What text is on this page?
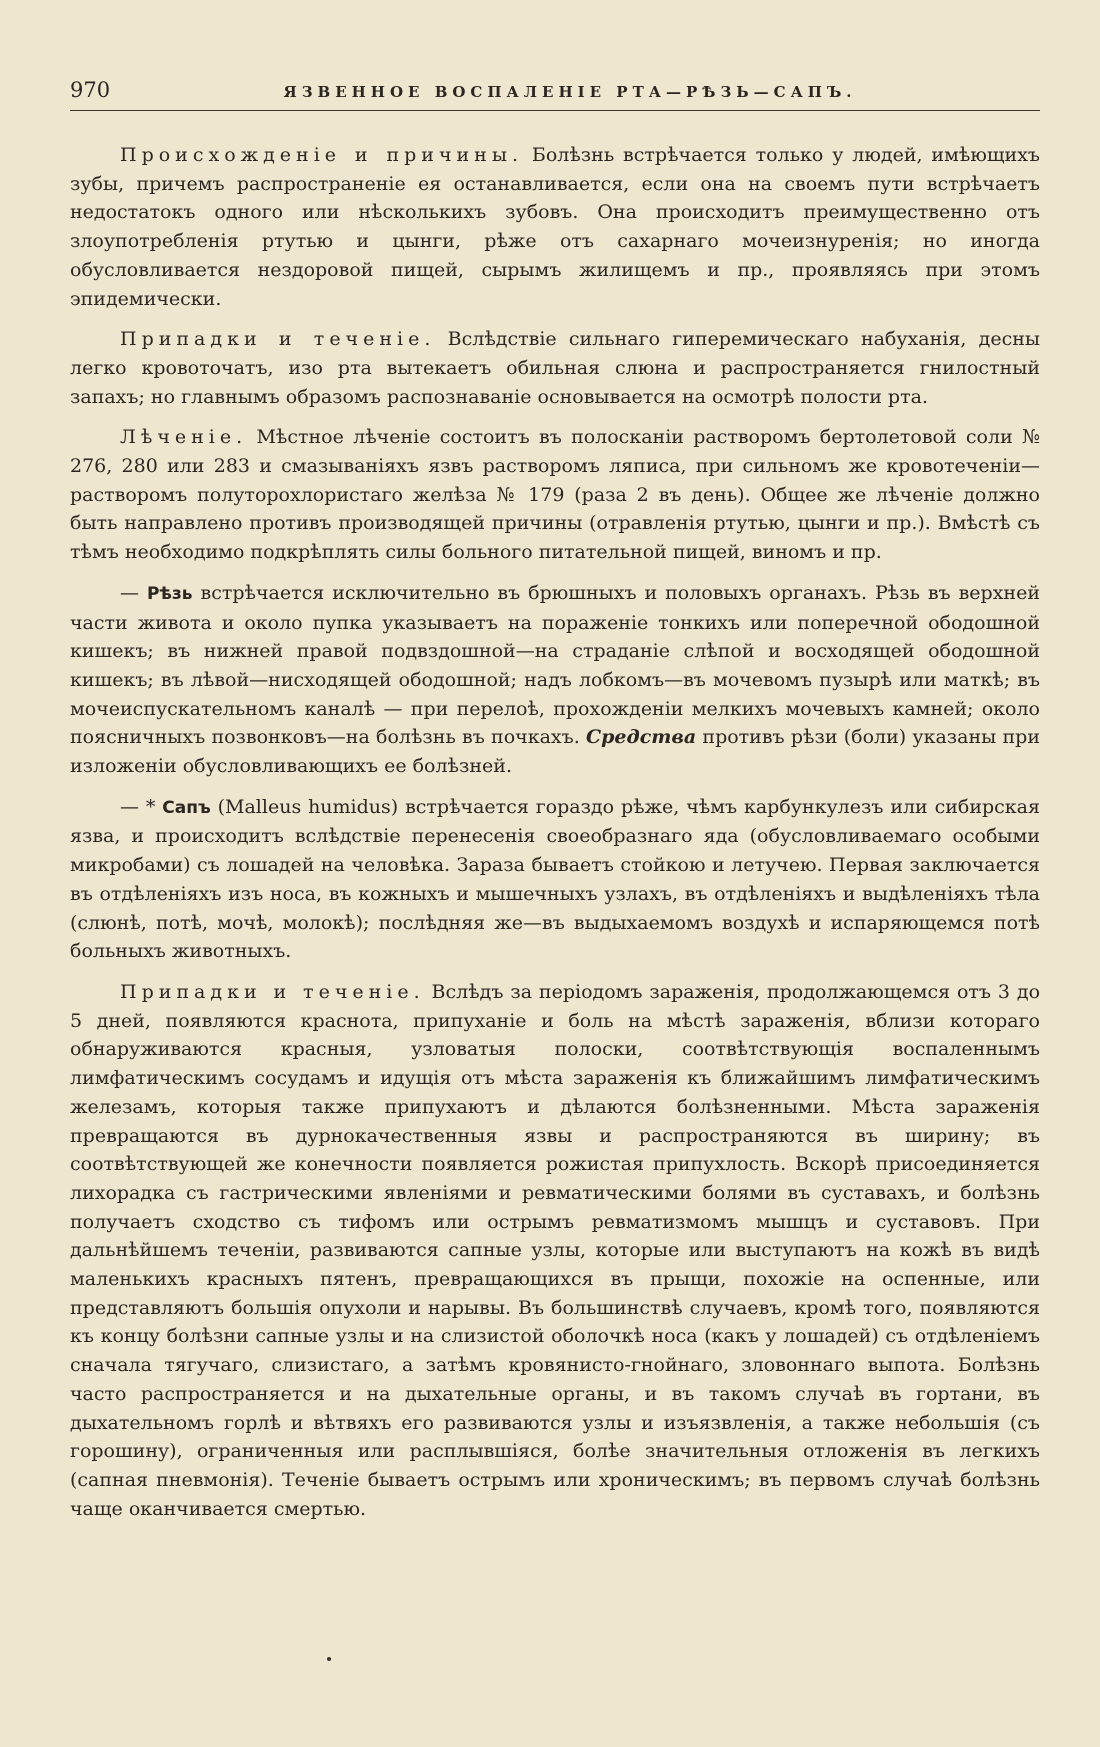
970	ЯЗВЕННОЕ ВОСПАЛЕНІЕ РТА—РѢЗЬ—САПЪ.

Происхожденіе и причины. Болѣзнь встрѣчается только у людей, имѣющихъ зубы, причемъ распространеніе ея останавливается, если она на своемъ пути встрѣчаетъ недостатокъ одного или нѣсколькихъ зубовъ. Она происходитъ преимущественно отъ злоупотребленія ртутью и цынги, рѣже отъ сахарнаго мочеизнуренія; но иногда обусловливается нездоровой пищей, сырымъ жилищемъ и пр., проявляясь при этомъ эпидемически.

Припадки и теченіе. Вслѣдствіе сильнаго гиперемическаго набуханія, десны легко кровоточатъ, изо рта вытекаетъ обильная слюна и распространяется гнилостный запахъ; но главнымъ образомъ распознаваніе основывается на осмотрѣ полости рта.

Лѣченіе. Мѣстное лѣченіе состоитъ въ полосканіи растворомъ бертолетовой соли № 276, 280 или 283 и смазываніяхъ язвъ растворомъ ляписа, при сильномъ же кровотеченіи—растворомъ полуторохлористаго желѣза № 179 (раза 2 въ день). Общее же лѣченіе должно быть направлено противъ производящей причины (отравленія ртутью, цынги и пр.). Вмѣстѣ съ тѣмъ необходимо подкрѣплять силы больного питательной пищей, виномъ и пр.

— Рѣзь встрѣчается исключительно въ брюшныхъ и половыхъ органахъ. Рѣзь въ верхней части живота и около пупка указываетъ на пораженіе тонкихъ или поперечной ободошной кишекъ; въ нижней правой подвздошной—на страданіе слѣпой и восходящей ободошной кишекъ; въ лѣвой—нисходящей ободошной; надъ лобкомъ—въ мочевомъ пузырѣ или маткѣ; въ мочеиспускательномъ каналѣ — при перелоѣ, прохожденіи мелкихъ мочевыхъ камней; около поясничныхъ позвонковъ—на болѣзнь въ почкахъ. Средства противъ рѣзи (боли) указаны при изложеніи обусловливающихъ ее болѣзней.

— * Сапъ (Malleus humidus) встрѣчается гораздо рѣже, чѣмъ карбункулезъ или сибирская язва, и происходитъ вслѣдствіе перенесенія своеобразнаго яда (обусловливаемаго особыми микробами) съ лошадей на человѣка. Зараза бываетъ стойкою и летучею. Первая заключается въ отдѣленіяхъ изъ носа, въ кожныхъ и мышечныхъ узлахъ, въ отдѣленіяхъ и выдѣленіяхъ тѣла (слюнѣ, потѣ, мочѣ, молокѣ); послѣдняя же—въ выдыхаемомъ воздухѣ и испаряющемся потѣ больныхъ животныхъ.

Припадки и теченіе. Вслѣдъ за періодомъ зараженія, продолжающемся отъ 3 до 5 дней, появляются краснота, припуханіе и боль на мѣстѣ зараженія, вблизи котораго обнаруживаются красныя, узловатыя полоски, соотвѣтствующія воспаленнымъ лимфатическимъ сосудамъ и идущія отъ мѣста зараженія къ ближайшимъ лимфатическимъ железамъ, которыя также припухаютъ и дѣлаются болѣзненными. Мѣста зараженія превращаются въ дурнокачественныя язвы и распространяются въ ширину; въ соотвѣтствующей же конечности появляется рожистая припухлость. Вскорѣ присоединяется лихорадка съ гастрическими явленіями и ревматическими болями въ суставахъ, и болѣзнь получаетъ сходство съ тифомъ или острымъ ревматизмомъ мышцъ и суставовъ. При дальнѣйшемъ теченіи, развиваются сапные узлы, которые или выступаютъ на кожѣ въ видѣ маленькихъ красныхъ пятенъ, превращающихся въ прыщи, похожіе на оспенные, или представляютъ большія опухоли и нарывы. Въ большинствѣ случаевъ, кромѣ того, появляются къ концу болѣзни сапные узлы и на слизистой оболочкѣ носа (какъ у лошадей) съ отдѣленіемъ сначала тягучаго, слизистаго, а затѣмъ кровянисто-гнойнаго, зловоннаго выпота. Болѣзнь часто распространяется и на дыхательные органы, и въ такомъ случаѣ въ гортани, въ дыхательномъ горлѣ и вѣтвяхъ его развиваются узлы и изъязвленія, а также небольшія (съ горошину), ограниченныя или расплывшіяся, болѣе значительныя отложенія въ легкихъ (сапная пневмонія). Теченіе бываетъ острымъ или хроническимъ; въ первомъ случаѣ болѣзнь чаще оканчивается смертью.
